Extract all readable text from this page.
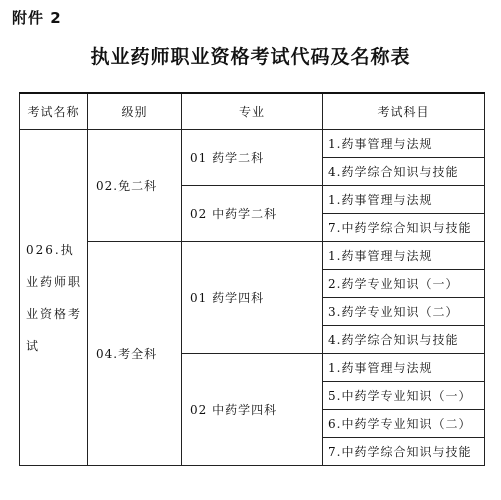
附件 2
执业药师职业资格考试代码及名称表
考试名称	级别	专业	考试科目
026.执业药师职业资格考试	02.免二科	01 药学二科	1.药事管理与法规
			4.药学综合知识与技能
		02 中药学二科	1.药事管理与法规
			7.中药学综合知识与技能
	04.考全科	01 药学四科	1.药事管理与法规
			2.药学专业知识（一）
			3.药学专业知识（二）
			4.药学综合知识与技能
		02 中药学四科	1.药事管理与法规
			5.中药学专业知识（一）
			6.中药学专业知识（二）
			7.中药学综合知识与技能
